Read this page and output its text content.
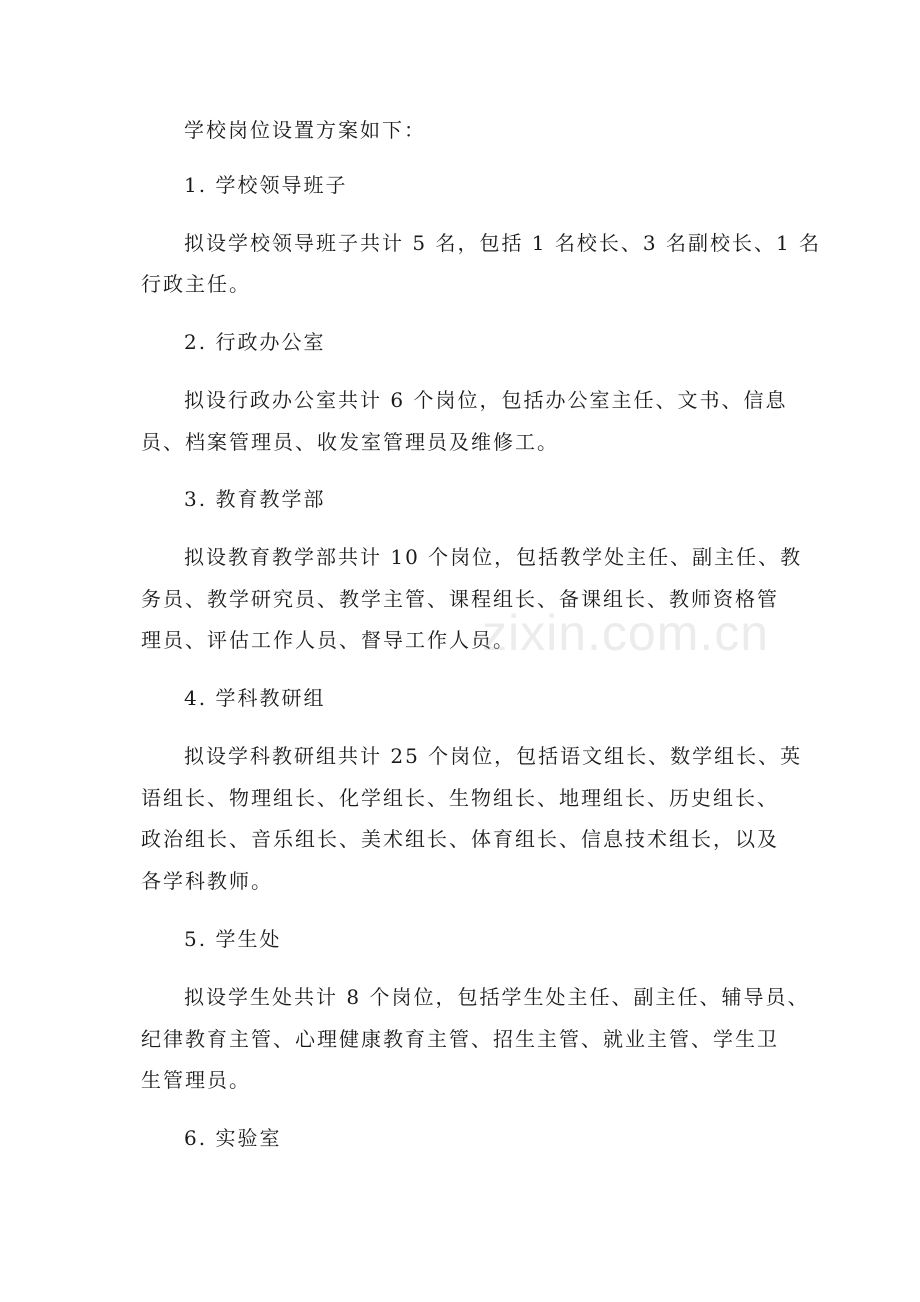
学校岗位设置方案如下：
1. 学校领导班子
拟设学校领导班子共计 5 名，包括 1 名校长、3 名副校长、1 名
行政主任。
2. 行政办公室
拟设行政办公室共计 6 个岗位，包括办公室主任、文书、信息
员、档案管理员、收发室管理员及维修工。
3. 教育教学部
拟设教育教学部共计 10 个岗位，包括教学处主任、副主任、教
务员、教学研究员、教学主管、课程组长、备课组长、教师资格管
理员、评估工作人员、督导工作人员。
4. 学科教研组
拟设学科教研组共计 25 个岗位，包括语文组长、数学组长、英
语组长、物理组长、化学组长、生物组长、地理组长、历史组长、
政治组长、音乐组长、美术组长、体育组长、信息技术组长，以及
各学科教师。
5. 学生处
拟设学生处共计 8 个岗位，包括学生处主任、副主任、辅导员、
纪律教育主管、心理健康教育主管、招生主管、就业主管、学生卫
生管理员。
6. 实验室
zixin.com.cn
